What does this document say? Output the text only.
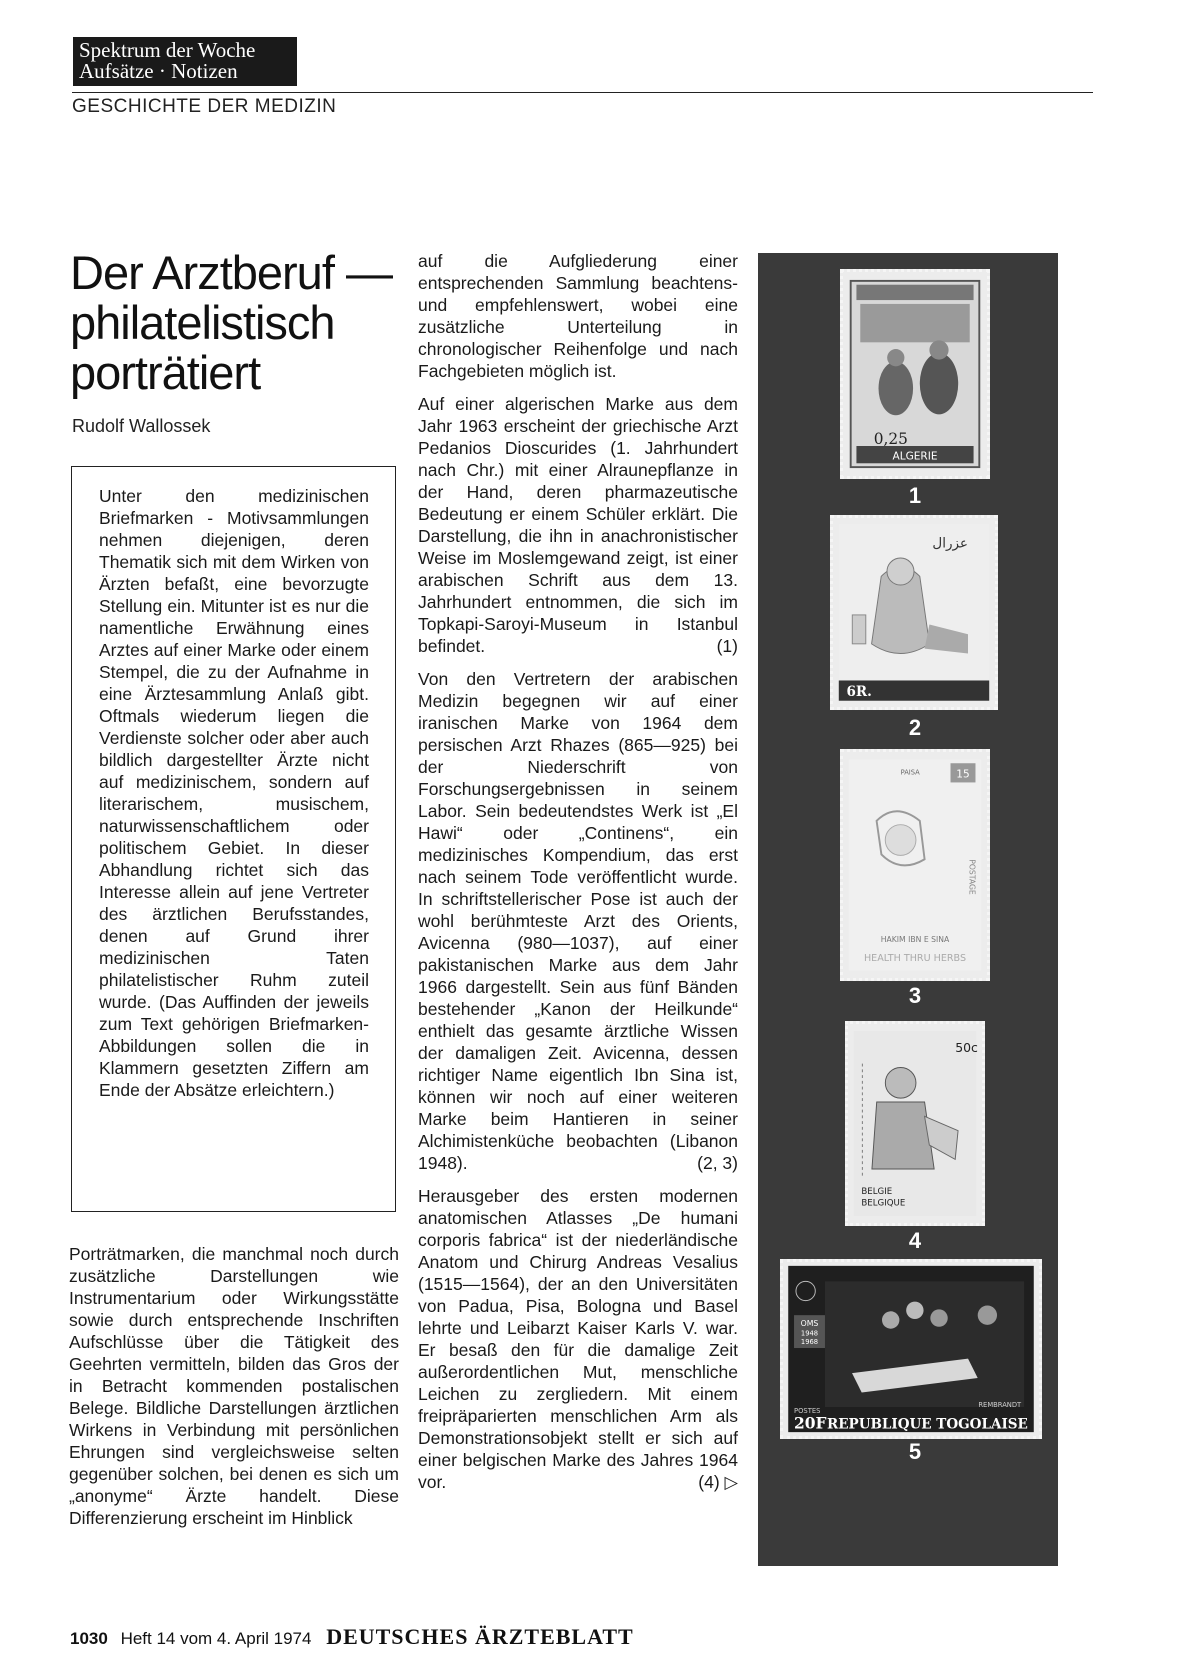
Spektrum der Woche
Aufsätze · Notizen
GESCHICHTE DER MEDIZIN
Der Arztberuf —
philatelistisch
porträtiert
Rudolf Wallossek

Unter den medizinischen Briefmarken - Motivsammlungen nehmen diejenigen, deren Thematik sich mit dem Wirken von Ärzten befaßt, eine bevorzugte Stellung ein. Mitunter ist es nur die namentliche Erwähnung eines Arztes auf einer Marke oder einem Stempel, die zu der Aufnahme in eine Ärztesammlung Anlaß gibt. Oftmals wiederum liegen die Verdienste solcher oder aber auch bildlich dargestellter Ärzte nicht auf medizinischem, sondern auf literarischem, musischem, naturwissenschaftlichem oder politischem Gebiet. In dieser Abhandlung richtet sich das Interesse allein auf jene Vertreter des ärztlichen Berufsstandes, denen auf Grund ihrer medizinischen Taten philatelistischer Ruhm zuteil wurde. (Das Auffinden der jeweils zum Text gehörigen Briefmarken-Abbildungen sollen die in Klammern gesetzten Ziffern am Ende der Absätze erleichtern.)

Porträtmarken, die manchmal noch durch zusätzliche Darstellungen wie Instrumentarium oder Wirkungsstätte sowie durch entsprechende Inschriften Aufschlüsse über die Tätigkeit des Geehrten vermitteln, bilden das Gros der in Betracht kommenden postalischen Belege. Bildliche Darstellungen ärztlichen Wirkens in Verbindung mit persönlichen Ehrungen sind vergleichsweise selten gegenüber solchen, bei denen es sich um „anonyme“ Ärzte handelt. Diese Differenzierung erscheint im Hinblick

auf die Aufgliederung einer entsprechenden Sammlung beachtens- und empfehlenswert, wobei eine zusätzliche Unterteilung in chronologischer Reihenfolge und nach Fachgebieten möglich ist.

Auf einer algerischen Marke aus dem Jahr 1963 erscheint der griechische Arzt Pedanios Dioscurides (1. Jahrhundert nach Chr.) mit einer Alraunepflanze in der Hand, deren pharmazeutische Bedeutung er einem Schüler erklärt. Die Darstellung, die ihn in anachronistischer Weise im Moslemgewand zeigt, ist einer arabischen Schrift aus dem 13. Jahrhundert entnommen, die sich im Topkapi-Saroyi-Museum in Istanbul befindet.	(1)

Von den Vertretern der arabischen Medizin begegnen wir auf einer iranischen Marke von 1964 dem persischen Arzt Rhazes (865—925) bei der Niederschrift von Forschungsergebnissen in seinem Labor. Sein bedeutendstes Werk ist „El Hawi“ oder „Continens“, ein medizinisches Kompendium, das erst nach seinem Tode veröffentlicht wurde. In schriftstellerischer Pose ist auch der wohl berühmteste Arzt des Orients, Avicenna (980—1037), auf einer pakistanischen Marke aus dem Jahr 1966 dargestellt. Sein aus fünf Bänden bestehender „Kanon der Heilkunde“ enthielt das gesamte ärztliche Wissen der damaligen Zeit. Avicenna, dessen richtiger Name eigentlich Ibn Sina ist, können wir noch auf einer weiteren Marke beim Hantieren in seiner Alchimistenküche beobachten (Libanon 1948).	(2, 3)

Herausgeber des ersten modernen anatomischen Atlasses „De humani corporis fabrica“ ist der niederländische Anatom und Chirurg Andreas Vesalius (1515—1564), der an den Universitäten von Padua, Pisa, Bologna und Basel lehrte und Leibarzt Kaiser Karls V. war. Er besaß den für die damalige Zeit außerordentlichen Mut, menschliche Leichen zu zergliedern. Mit einem freipräparierten menschlichen Arm als Demonstrationsobjekt stellt er sich auf einer belgischen Marke des Jahres 1964 vor.	(4) ▷

0,25
ALGERIE
1
عزرال
6R.
2
15
PAISA
POSTAGE
HAKIM IBN E SINA
HEALTH THRU HERBS
3
50c
BELGIE
BELGIQUE
4
OMS
1948
1968
REMBRANDT
POSTES
20F REPUBLIQUE TOGOLAISE
5
1030 Heft 14 vom 4. April 1974 DEUTSCHES ÄRZTEBLATT
